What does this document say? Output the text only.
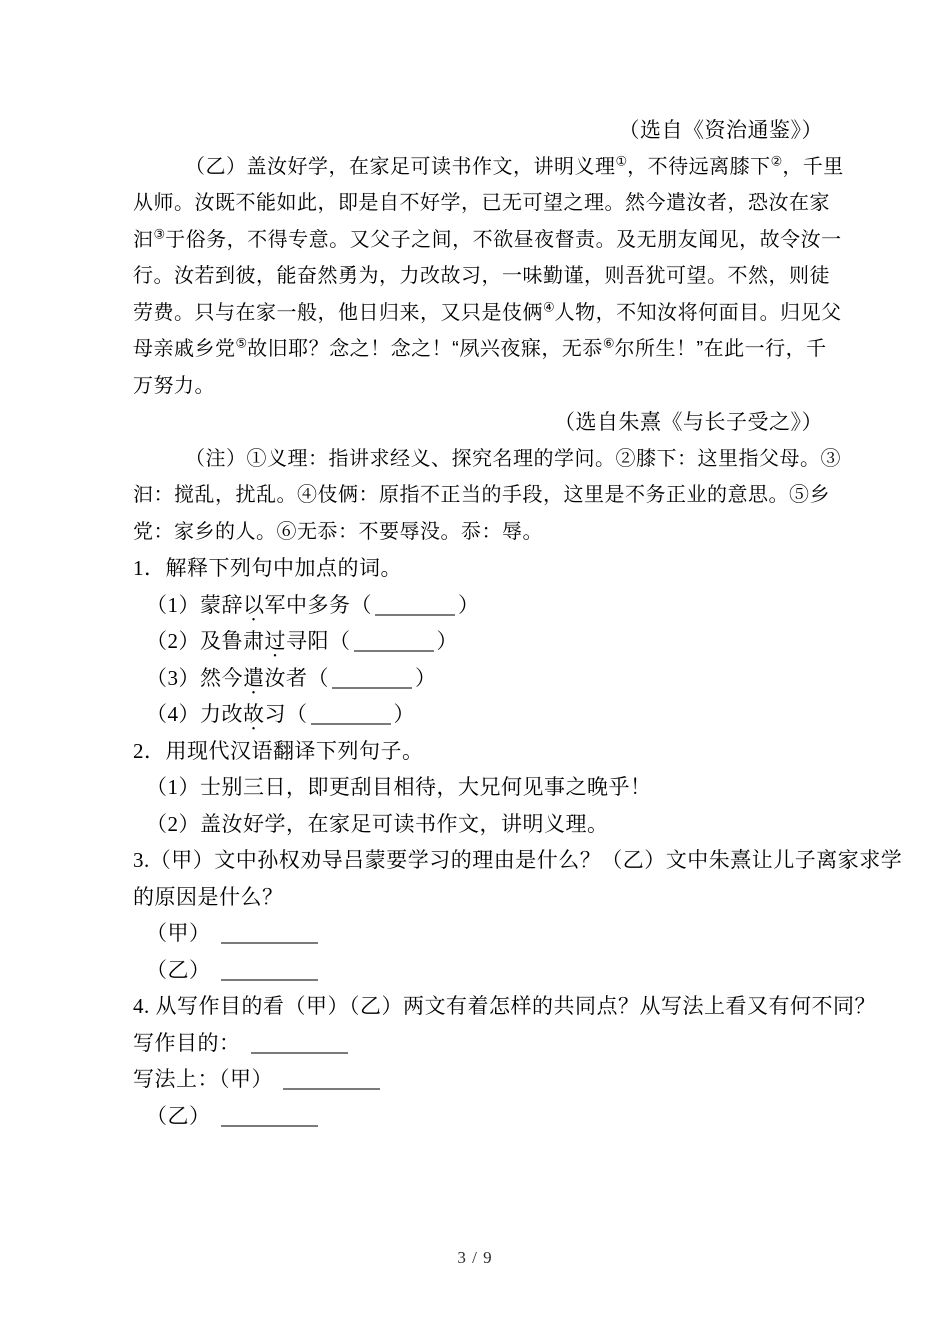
（选自《资治通鉴》）
（乙）盖汝好学，在家足可读书作文，讲明义理①，不待远离膝下②，千里
从师。汝既不能如此，即是自不好学，已无可望之理。然今遣汝者，恐汝在家
汩③于俗务，不得专意。又父子之间，不欲昼夜督责。及无朋友闻见，故令汝一
行。汝若到彼，能奋然勇为，力改故习，一味勤谨，则吾犹可望。不然，则徒
劳费。只与在家一般，他日归来，又只是伎俩④人物，不知汝将何面目。归见父
母亲戚乡党⑤故旧耶？念之！念之！“夙兴夜寐，无忝⑥尔所生！”在此一行，千
万努力。
（选自朱熹《与长子受之》）
（注）①义理：指讲求经义、探究名理的学问。②膝下：这里指父母。③
汩：搅乱，扰乱。④伎俩：原指不正当的手段，这里是不务正业的意思。⑤乡
党：家乡的人。⑥无忝：不要辱没。忝：辱。
1．解释下列句中加点的词。
（1）蒙辞以军中多务（	）
（2）及鲁肃过寻阳（	）
（3）然今遣汝者（	）
（4）力改故习（	）
2．用现代汉语翻译下列句子。
（1）士别三日，即更刮目相待，大兄何见事之晚乎！
（2）盖汝好学，在家足可读书作文，讲明义理。
3.（甲）文中孙权劝导吕蒙要学习的理由是什么？（乙）文中朱熹让儿子离家求学
的原因是什么？
（甲）
（乙）
4. 从写作目的看（甲）（乙）两文有着怎样的共同点？从写法上看又有何不同？
写作目的：
写法上：（甲）
（乙）
3 / 9
